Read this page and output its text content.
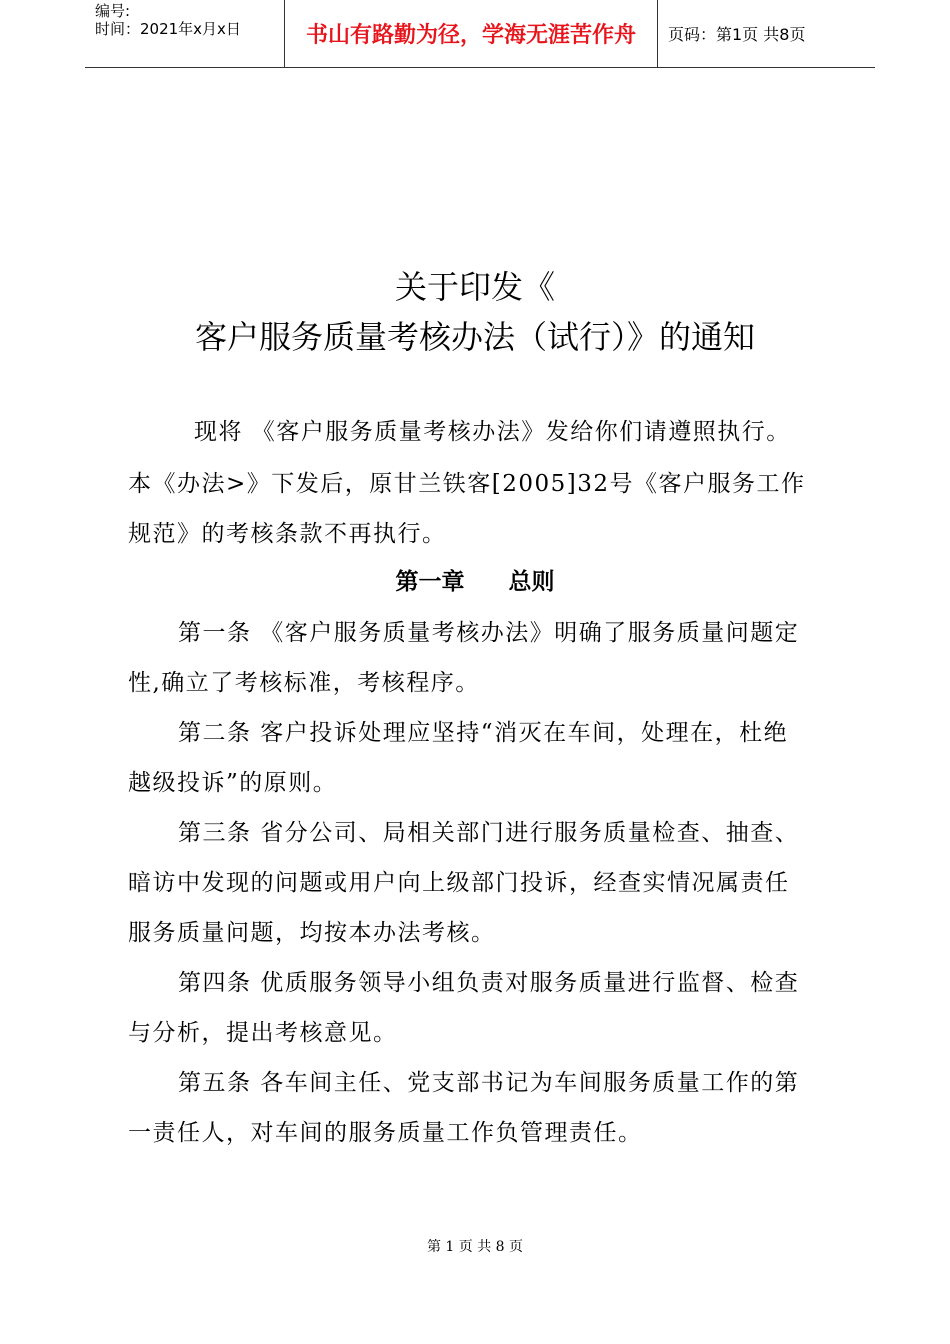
编号:
时间：2021年x月x日	书山有路勤为径，学海无涯苦作舟	页码：第1页 共8页
关于印发《
客户服务质量考核办法（试行）》的通知
现将 《客户服务质量考核办法》发给你们请遵照执行。
本《办法>》下发后，原甘兰铁客[2005]32号《客户服务工作
规范》的考核条款不再执行。
第一条 《客户服务质量考核办法》明确了服务质量问题定
性,确立了考核标准，考核程序。
第二条 客户投诉处理应坚持“消灭在车间，处理在，杜绝
越级投诉”的原则。
第三条 省分公司、局相关部门进行服务质量检查、抽查、
暗访中发现的问题或用户向上级部门投诉，经查实情况属责任
服务质量问题，均按本办法考核。
第四条 优质服务领导小组负责对服务质量进行监督、检查
与分析，提出考核意见。
第五条 各车间主任、党支部书记为车间服务质量工作的第
一责任人，对车间的服务质量工作负管理责任。
第一章 总则
第 1 页 共 8 页
